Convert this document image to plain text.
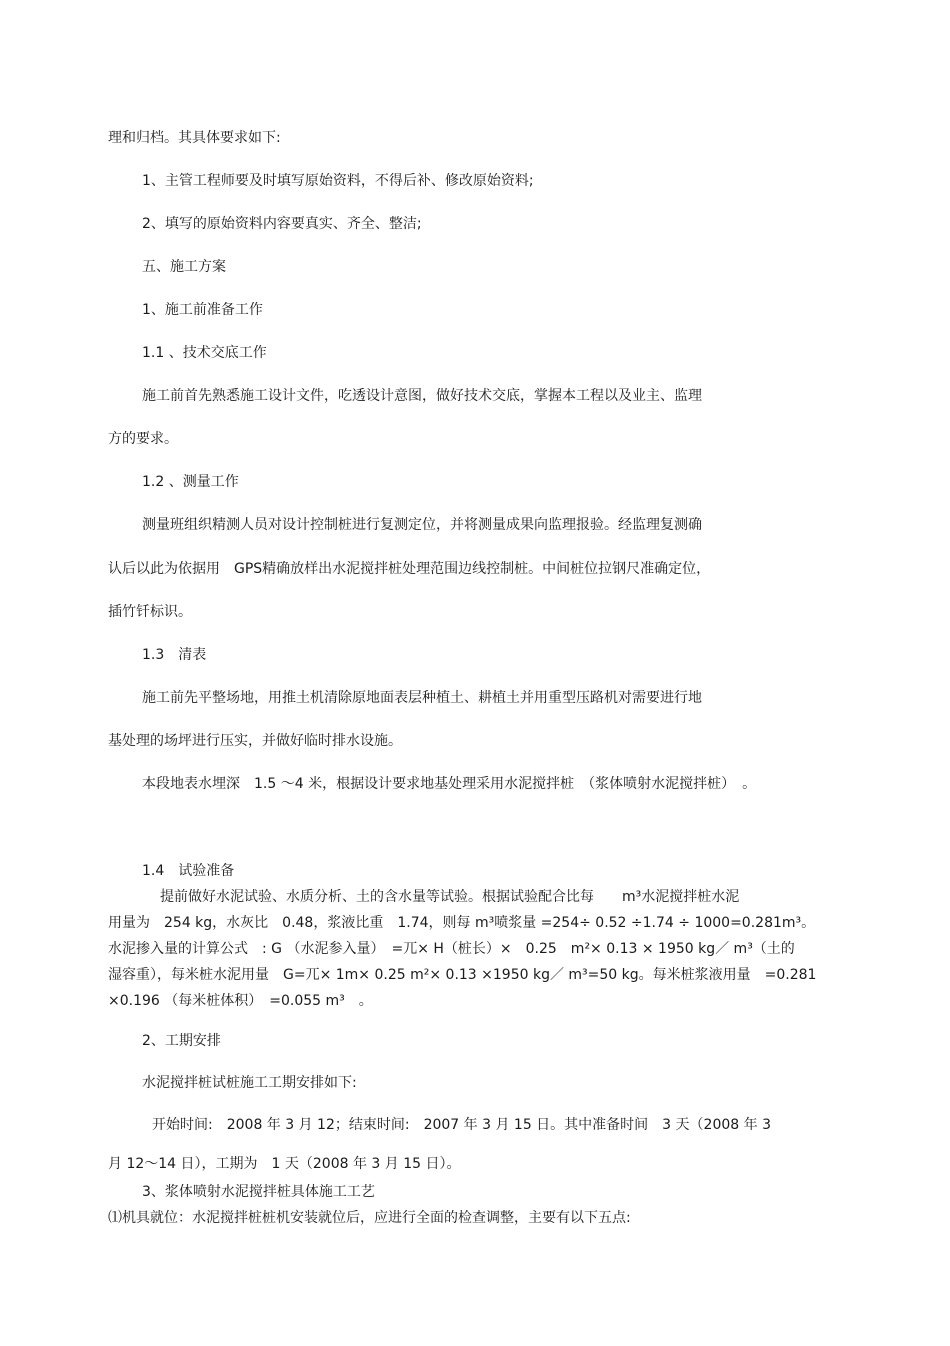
理和归档。其具体要求如下:
1、主管工程师要及时填写原始资料，不得后补、修改原始资料;
2、填写的原始资料内容要真实、齐全、整洁;
五、施工方案
1、施工前准备工作
1.1 、技术交底工作
施工前首先熟悉施工设计文件，吃透设计意图，做好技术交底，掌握本工程以及业主、监理
方的要求。
1.2 、测量工作
测量班组织精测人员对设计控制桩进行复测定位，并将测量成果向监理报验。经监理复测确
认后以此为依据用　GPS精确放样出水泥搅拌桩处理范围边线控制桩。中间桩位拉钢尺准确定位，
插竹钎标识。
1.3　清表
施工前先平整场地，用推土机清除原地面表层种植土、耕植土并用重型压路机对需要进行地
基处理的场坪进行压实，并做好临时排水设施。
本段地表水埋深　1.5 ～4 米，根据设计要求地基处理采用水泥搅拌桩　（浆体喷射水泥搅拌桩）　。
1.4　试验准备
提前做好水泥试验、水质分析、土的含水量等试验。根据试验配合比每　　m³水泥搅拌桩水泥
用量为　254 kg，水灰比　0.48，浆液比重　1.74，则每 m³喷浆量 =254÷ 0.52 ÷1.74 ÷ 1000=0.281m³。
水泥掺入量的计算公式　: G （水泥参入量）　=兀× H（桩长）×　0.25　m²× 0.13 × 1950 kg／ m³（土的
湿容重），每米桩水泥用量　G=兀× 1m× 0.25 m²× 0.13 ×1950 kg／ m³=50 kg。每米桩浆液用量　=0.281
×0.196 （每米桩体积）　=0.055 m³　。
2、工期安排
水泥搅拌桩试桩施工工期安排如下:
开始时间:　2008 年 3 月 12；结束时间:　2007 年 3 月 15 日。其中准备时间　3 天（2008 年 3
月 12～14 日），工期为　1 天（2008 年 3 月 15 日）。
3、浆体喷射水泥搅拌桩具体施工工艺
⑴机具就位：水泥搅拌桩桩机安装就位后，应进行全面的检查调整，主要有以下五点:
